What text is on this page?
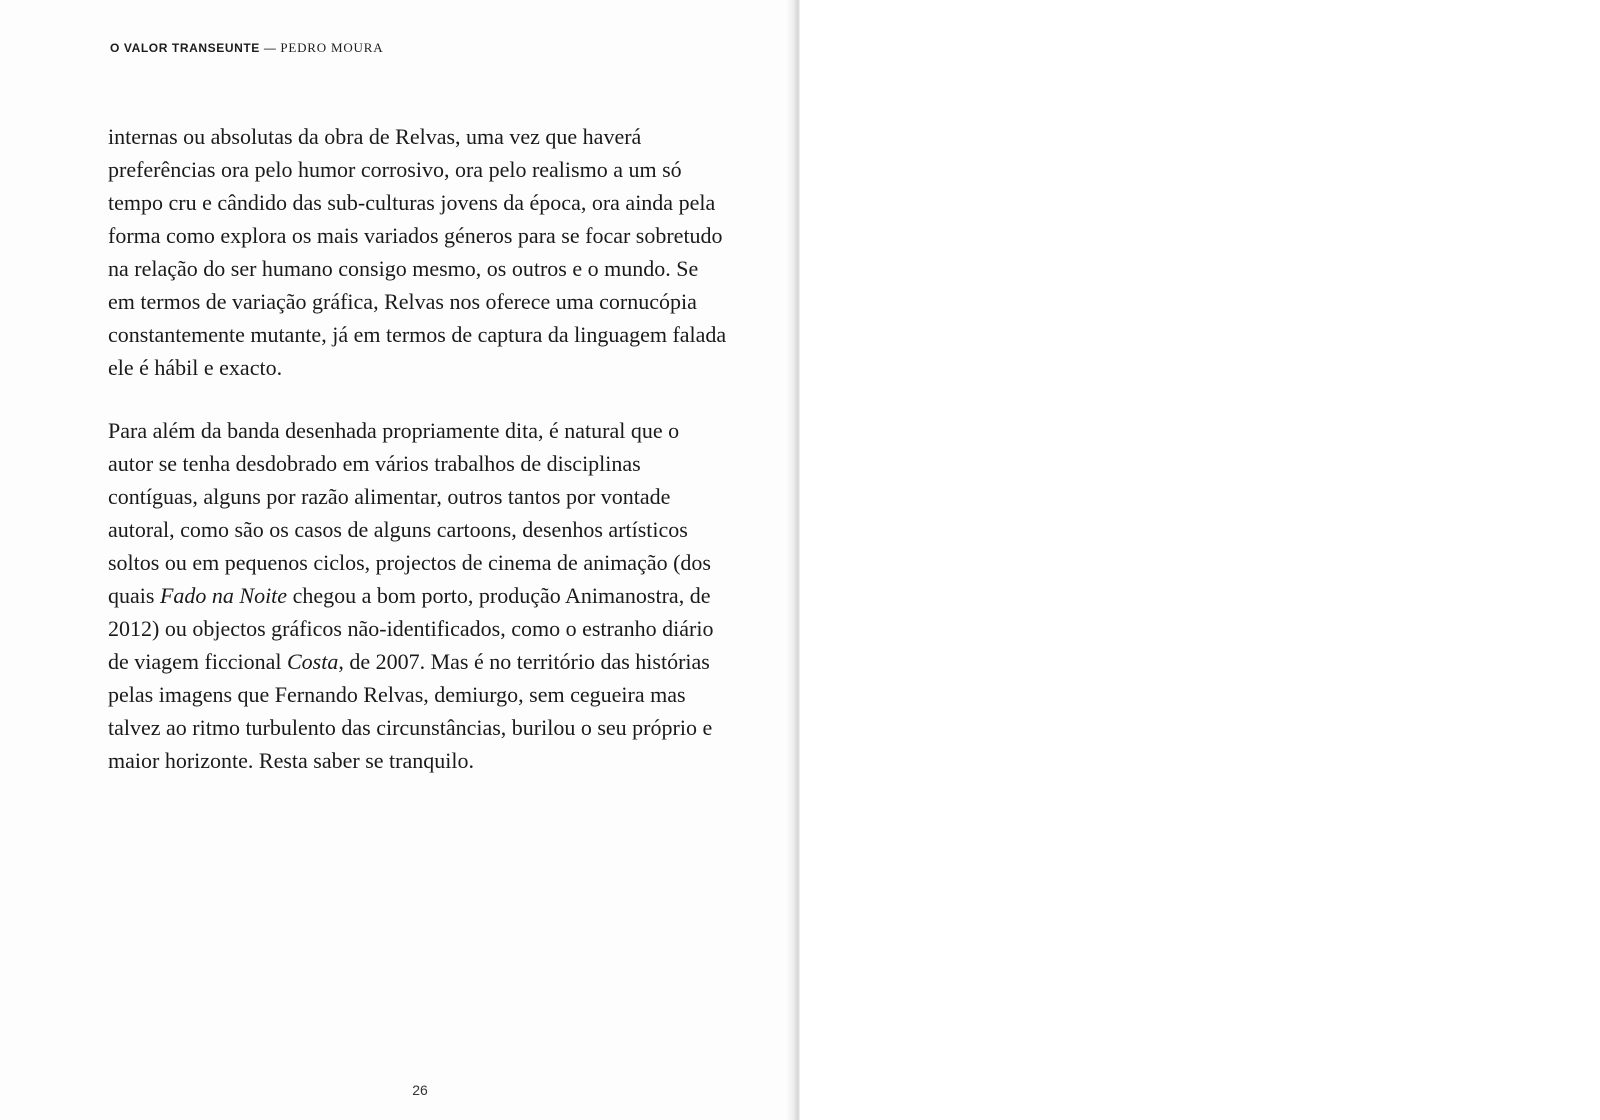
O VALOR TRANSEUNTE — PEDRO MOURA

internas ou absolutas da obra de Relvas, uma vez que haverá preferências ora pelo humor corrosivo, ora pelo realismo a um só tempo cru e cândido das sub-culturas jovens da época, ora ainda pela forma como explora os mais variados géneros para se focar sobretudo na relação do ser humano consigo mesmo, os outros e o mundo. Se em termos de variação gráfica, Relvas nos oferece uma cornucópia constantemente mutante, já em termos de captura da linguagem falada ele é hábil e exacto.

Para além da banda desenhada propriamente dita, é natural que o autor se tenha desdobrado em vários trabalhos de disciplinas contíguas, alguns por razão alimentar, outros tantos por vontade autoral, como são os casos de alguns cartoons, desenhos artísticos soltos ou em pequenos ciclos, projectos de cinema de animação (dos quais Fado na Noite chegou a bom porto, produção Animanostra, de 2012) ou objectos gráficos não-identificados, como o estranho diário de viagem ficcional Costa, de 2007. Mas é no território das histórias pelas imagens que Fernando Relvas, demiurgo, sem cegueira mas talvez ao ritmo turbulento das circunstâncias, burilou o seu próprio e maior horizonte. Resta saber se tranquilo.

26
